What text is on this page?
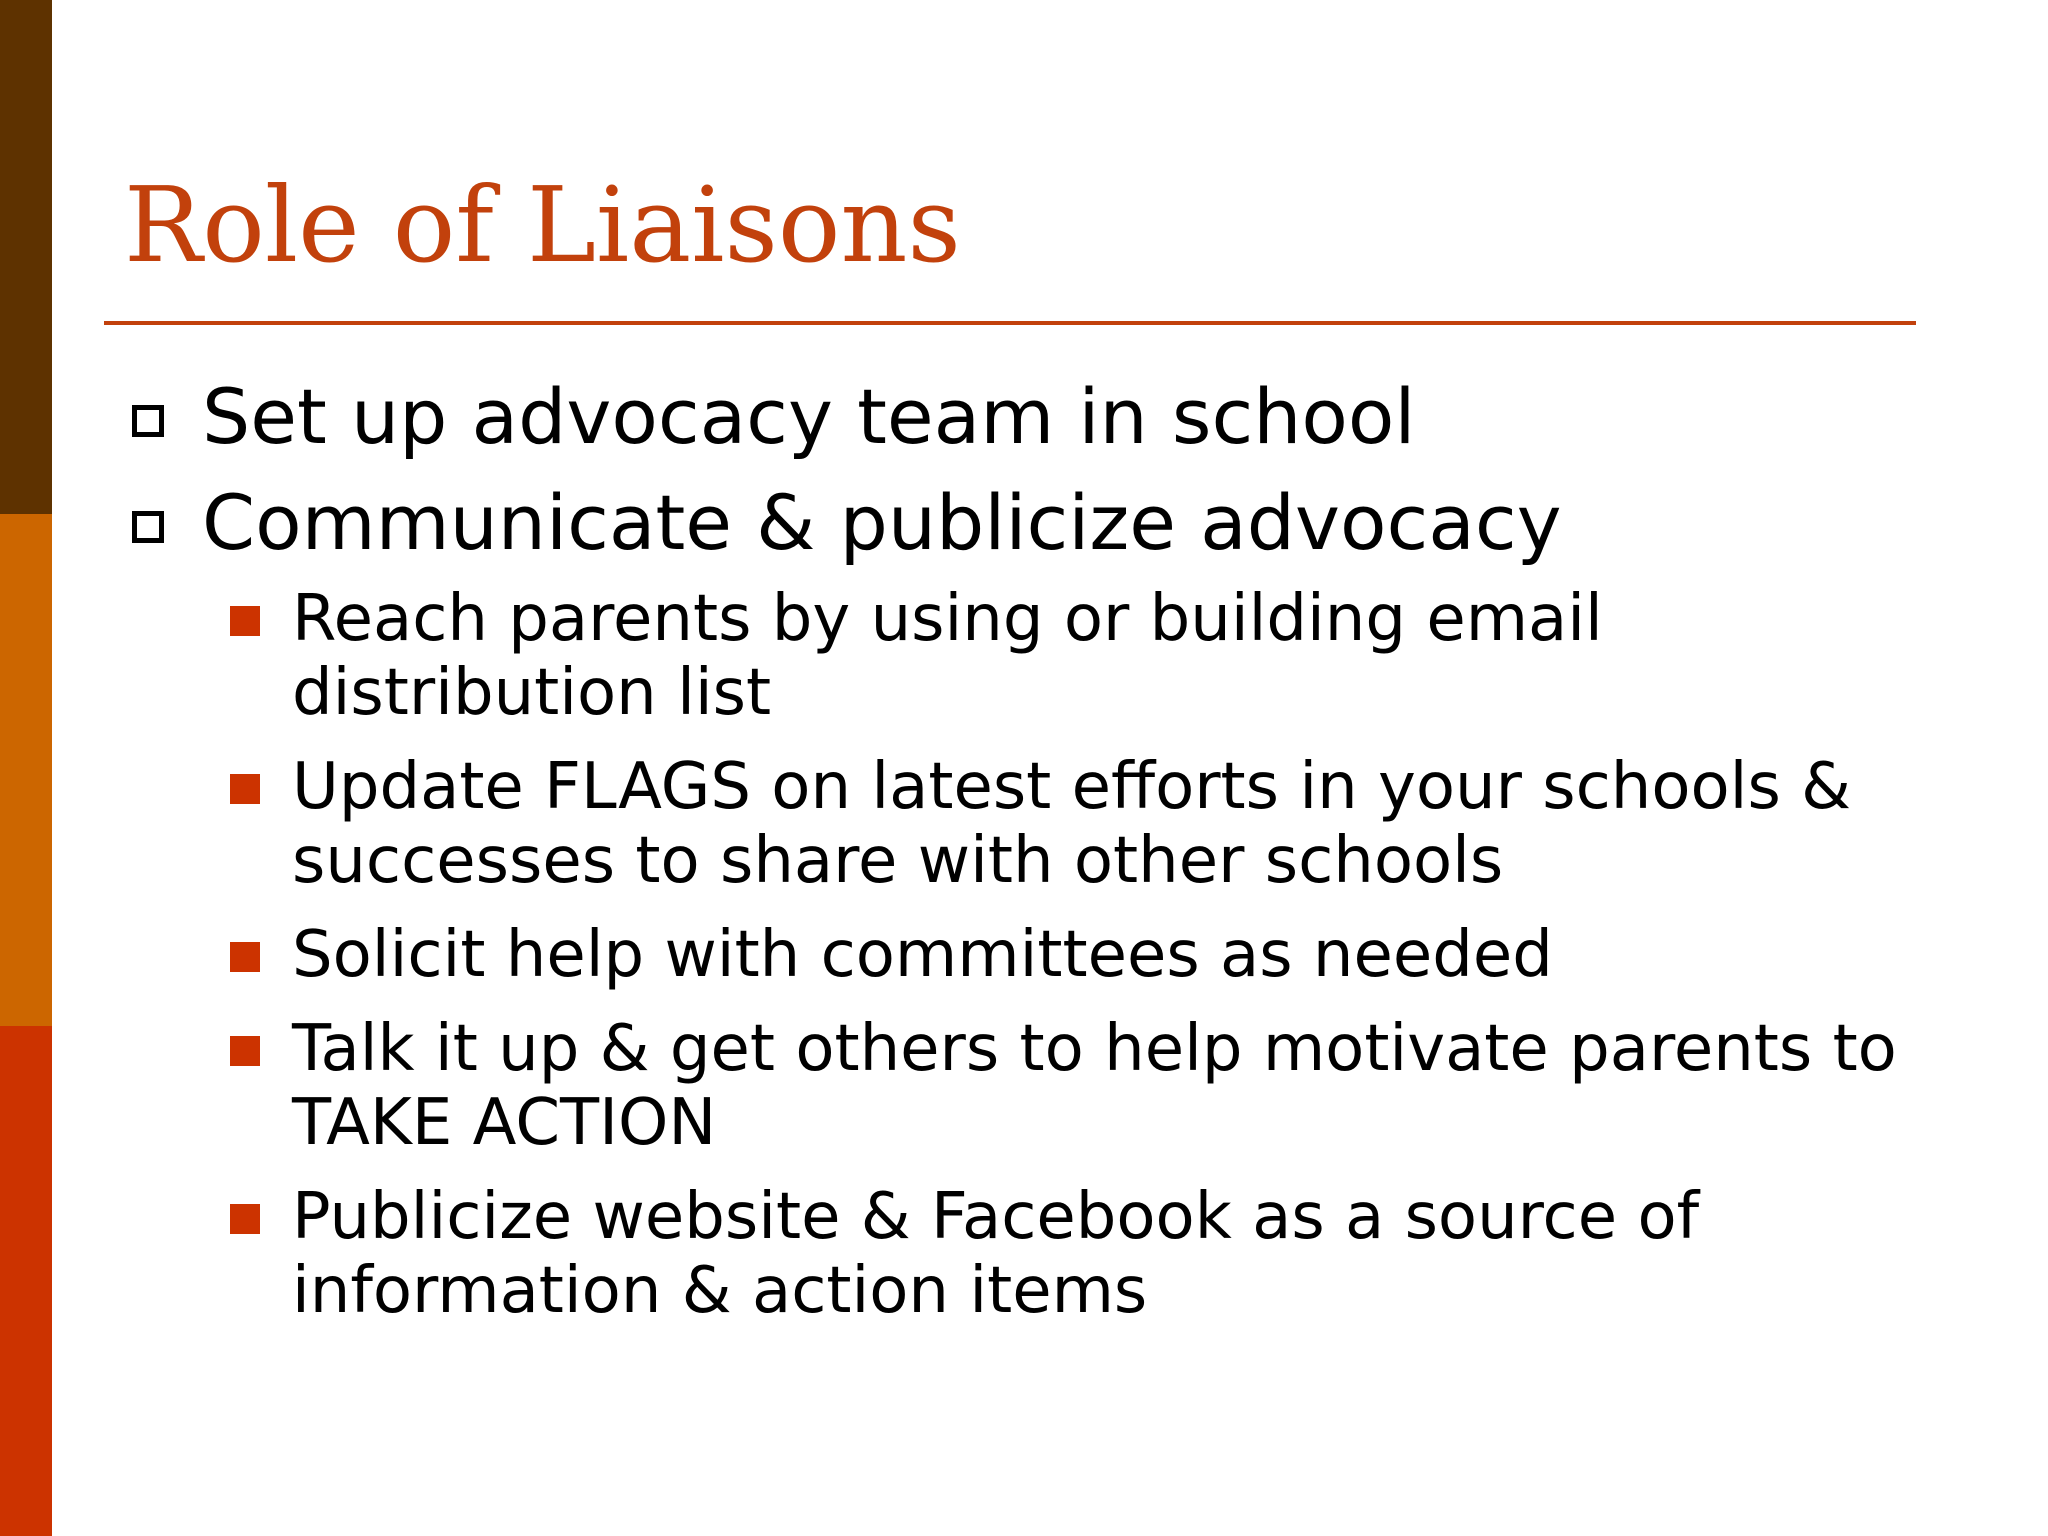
Role of Liaisons
Set up advocacy team in school
Communicate & publicize advocacy
Reach parents by using or building email distribution list
Update FLAGS on latest efforts in your schools & successes to share with other schools
Solicit help with committees as needed
Talk it up & get others to help motivate parents to TAKE ACTION
Publicize website & Facebook as a source of information & action items
